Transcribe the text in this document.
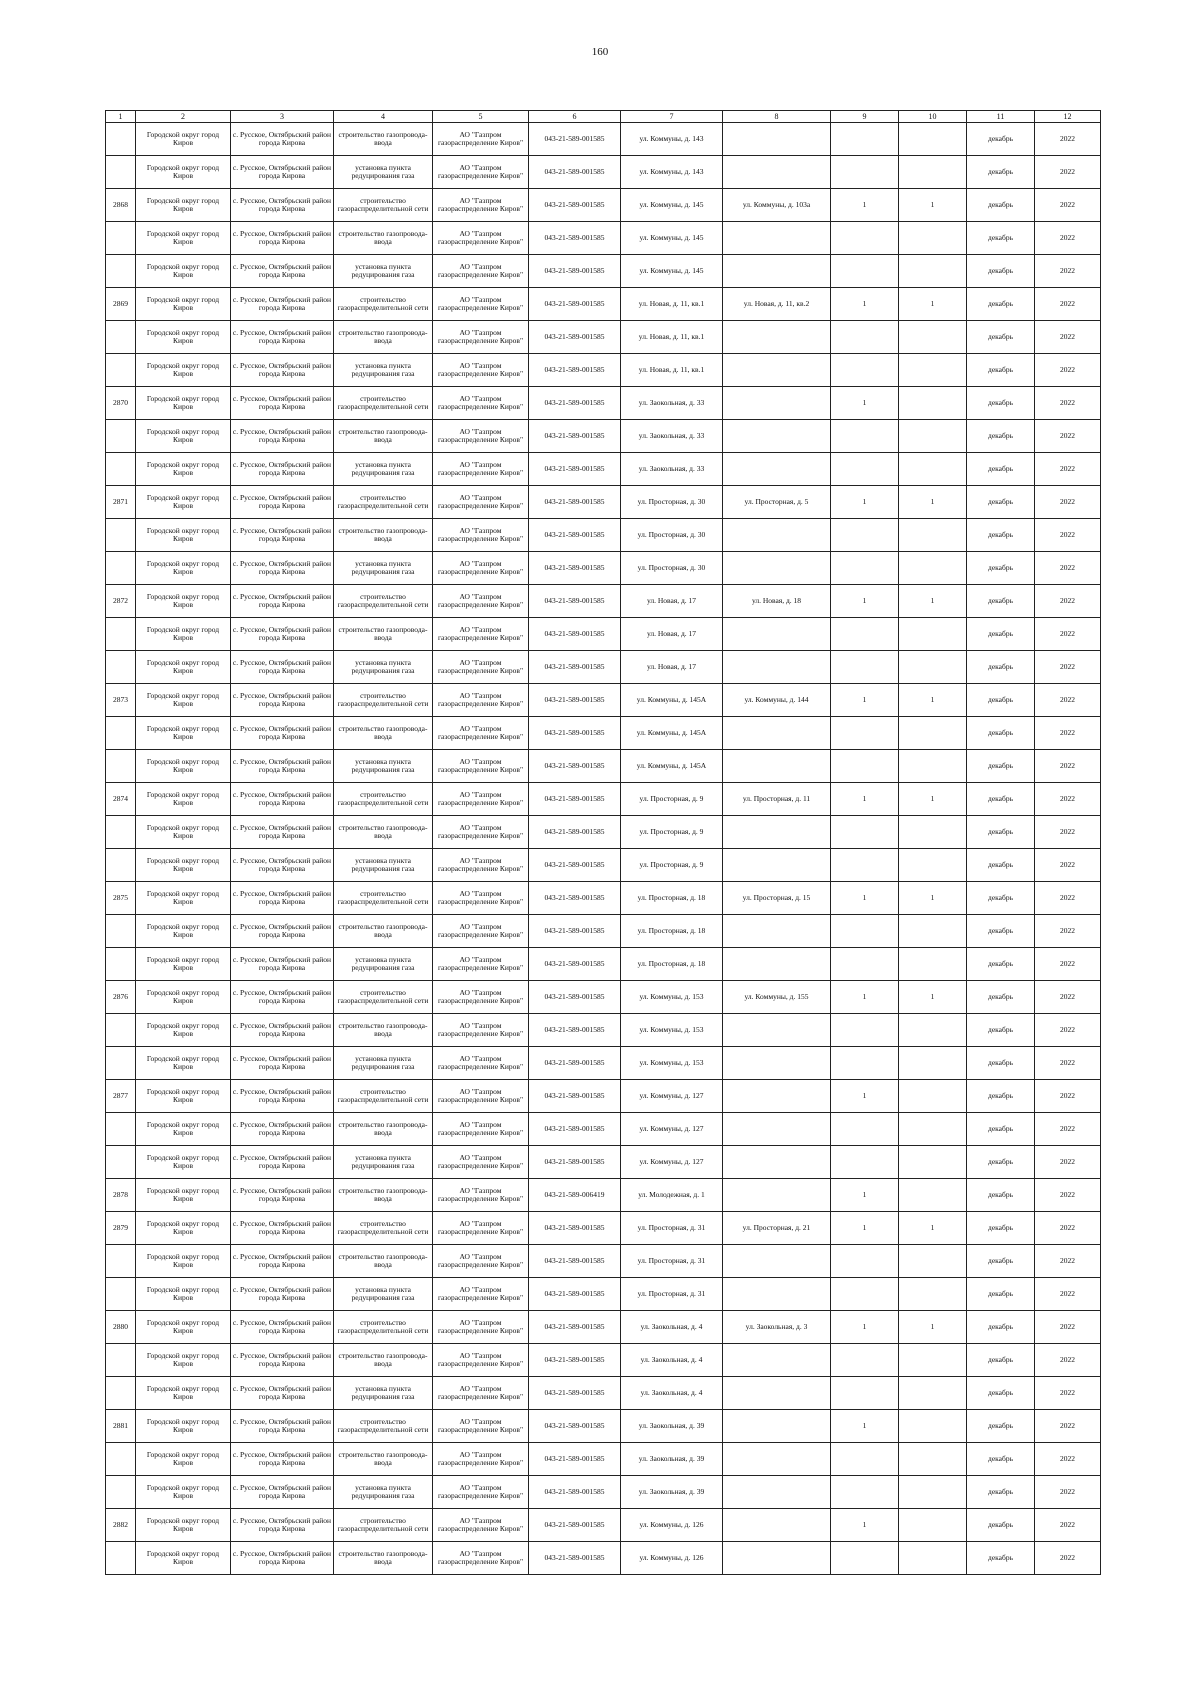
160
1	2	3	4	5	6	7	8	9	10	11	12
	Городской округ город Киров	с. Русское, Октябрьский район города Кирова	строительство газопровода-ввода	АО "Газпром газораспределение Киров"	043-21-589-001585	ул. Коммуны, д. 143				декабрь	2022
	Городской округ город Киров	с. Русское, Октябрьский район города Кирова	установка пункта редуцирования газа	АО "Газпром газораспределение Киров"	043-21-589-001585	ул. Коммуны, д. 143				декабрь	2022
2868	Городской округ город Киров	с. Русское, Октябрьский район города Кирова	строительство газораспределительной сети	АО "Газпром газораспределение Киров"	043-21-589-001585	ул. Коммуны, д. 145	ул. Коммуны, д. 103а	1	1	декабрь	2022
	Городской округ город Киров	с. Русское, Октябрьский район города Кирова	строительство газопровода-ввода	АО "Газпром газораспределение Киров"	043-21-589-001585	ул. Коммуны, д. 145				декабрь	2022
	Городской округ город Киров	с. Русское, Октябрьский район города Кирова	установка пункта редуцирования газа	АО "Газпром газораспределение Киров"	043-21-589-001585	ул. Коммуны, д. 145				декабрь	2022
2869	Городской округ город Киров	с. Русское, Октябрьский район города Кирова	строительство газораспределительной сети	АО "Газпром газораспределение Киров"	043-21-589-001585	ул. Новая, д. 11, кв.1	ул. Новая, д. 11, кв.2	1	1	декабрь	2022
	Городской округ город Киров	с. Русское, Октябрьский район города Кирова	строительство газопровода-ввода	АО "Газпром газораспределение Киров"	043-21-589-001585	ул. Новая, д. 11, кв.1				декабрь	2022
	Городской округ город Киров	с. Русское, Октябрьский район города Кирова	установка пункта редуцирования газа	АО "Газпром газораспределение Киров"	043-21-589-001585	ул. Новая, д. 11, кв.1				декабрь	2022
2870	Городской округ город Киров	с. Русское, Октябрьский район города Кирова	строительство газораспределительной сети	АО "Газпром газораспределение Киров"	043-21-589-001585	ул. Заокольная, д. 33		1		декабрь	2022
	Городской округ город Киров	с. Русское, Октябрьский район города Кирова	строительство газопровода-ввода	АО "Газпром газораспределение Киров"	043-21-589-001585	ул. Заокольная, д. 33				декабрь	2022
	Городской округ город Киров	с. Русское, Октябрьский район города Кирова	установка пункта редуцирования газа	АО "Газпром газораспределение Киров"	043-21-589-001585	ул. Заокольная, д. 33				декабрь	2022
2871	Городской округ город Киров	с. Русское, Октябрьский район города Кирова	строительство газораспределительной сети	АО "Газпром газораспределение Киров"	043-21-589-001585	ул. Просторная, д. 30	ул. Просторная, д. 5	1	1	декабрь	2022
	Городской округ город Киров	с. Русское, Октябрьский район города Кирова	строительство газопровода-ввода	АО "Газпром газораспределение Киров"	043-21-589-001585	ул. Просторная, д. 30				декабрь	2022
	Городской округ город Киров	с. Русское, Октябрьский район города Кирова	установка пункта редуцирования газа	АО "Газпром газораспределение Киров"	043-21-589-001585	ул. Просторная, д. 30				декабрь	2022
2872	Городской округ город Киров	с. Русское, Октябрьский район города Кирова	строительство газораспределительной сети	АО "Газпром газораспределение Киров"	043-21-589-001585	ул. Новая, д. 17	ул. Новая, д. 18	1	1	декабрь	2022
	Городской округ город Киров	с. Русское, Октябрьский район города Кирова	строительство газопровода-ввода	АО "Газпром газораспределение Киров"	043-21-589-001585	ул. Новая, д. 17				декабрь	2022
	Городской округ город Киров	с. Русское, Октябрьский район города Кирова	установка пункта редуцирования газа	АО "Газпром газораспределение Киров"	043-21-589-001585	ул. Новая, д. 17				декабрь	2022
2873	Городской округ город Киров	с. Русское, Октябрьский район города Кирова	строительство газораспределительной сети	АО "Газпром газораспределение Киров"	043-21-589-001585	ул. Коммуны, д. 145А	ул. Коммуны, д. 144	1	1	декабрь	2022
	Городской округ город Киров	с. Русское, Октябрьский район города Кирова	строительство газопровода-ввода	АО "Газпром газораспределение Киров"	043-21-589-001585	ул. Коммуны, д. 145А				декабрь	2022
	Городской округ город Киров	с. Русское, Октябрьский район города Кирова	установка пункта редуцирования газа	АО "Газпром газораспределение Киров"	043-21-589-001585	ул. Коммуны, д. 145А				декабрь	2022
2874	Городской округ город Киров	с. Русское, Октябрьский район города Кирова	строительство газораспределительной сети	АО "Газпром газораспределение Киров"	043-21-589-001585	ул. Просторная, д. 9	ул. Просторная, д. 11	1	1	декабрь	2022
	Городской округ город Киров	с. Русское, Октябрьский район города Кирова	строительство газопровода-ввода	АО "Газпром газораспределение Киров"	043-21-589-001585	ул. Просторная, д. 9				декабрь	2022
	Городской округ город Киров	с. Русское, Октябрьский район города Кирова	установка пункта редуцирования газа	АО "Газпром газораспределение Киров"	043-21-589-001585	ул. Просторная, д. 9				декабрь	2022
2875	Городской округ город Киров	с. Русское, Октябрьский район города Кирова	строительство газораспределительной сети	АО "Газпром газораспределение Киров"	043-21-589-001585	ул. Просторная, д. 18	ул. Просторная, д. 15	1	1	декабрь	2022
	Городской округ город Киров	с. Русское, Октябрьский район города Кирова	строительство газопровода-ввода	АО "Газпром газораспределение Киров"	043-21-589-001585	ул. Просторная, д. 18				декабрь	2022
	Городской округ город Киров	с. Русское, Октябрьский район города Кирова	установка пункта редуцирования газа	АО "Газпром газораспределение Киров"	043-21-589-001585	ул. Просторная, д. 18				декабрь	2022
2876	Городской округ город Киров	с. Русское, Октябрьский район города Кирова	строительство газораспределительной сети	АО "Газпром газораспределение Киров"	043-21-589-001585	ул. Коммуны, д. 153	ул. Коммуны, д. 155	1	1	декабрь	2022
	Городской округ город Киров	с. Русское, Октябрьский район города Кирова	строительство газопровода-ввода	АО "Газпром газораспределение Киров"	043-21-589-001585	ул. Коммуны, д. 153				декабрь	2022
	Городской округ город Киров	с. Русское, Октябрьский район города Кирова	установка пункта редуцирования газа	АО "Газпром газораспределение Киров"	043-21-589-001585	ул. Коммуны, д. 153				декабрь	2022
2877	Городской округ город Киров	с. Русское, Октябрьский район города Кирова	строительство газораспределительной сети	АО "Газпром газораспределение Киров"	043-21-589-001585	ул. Коммуны, д. 127		1		декабрь	2022
	Городской округ город Киров	с. Русское, Октябрьский район города Кирова	строительство газопровода-ввода	АО "Газпром газораспределение Киров"	043-21-589-001585	ул. Коммуны, д. 127				декабрь	2022
	Городской округ город Киров	с. Русское, Октябрьский район города Кирова	установка пункта редуцирования газа	АО "Газпром газораспределение Киров"	043-21-589-001585	ул. Коммуны, д. 127				декабрь	2022
2878	Городской округ город Киров	с. Русское, Октябрьский район города Кирова	строительство газопровода-ввода	АО "Газпром газораспределение Киров"	043-21-589-006419	ул. Молодежная, д. 1		1		декабрь	2022
2879	Городской округ город Киров	с. Русское, Октябрьский район города Кирова	строительство газораспределительной сети	АО "Газпром газораспределение Киров"	043-21-589-001585	ул. Просторная, д. 31	ул. Просторная, д. 21	1	1	декабрь	2022
	Городской округ город Киров	с. Русское, Октябрьский район города Кирова	строительство газопровода-ввода	АО "Газпром газораспределение Киров"	043-21-589-001585	ул. Просторная, д. 31				декабрь	2022
	Городской округ город Киров	с. Русское, Октябрьский район города Кирова	установка пункта редуцирования газа	АО "Газпром газораспределение Киров"	043-21-589-001585	ул. Просторная, д. 31				декабрь	2022
2880	Городской округ город Киров	с. Русское, Октябрьский район города Кирова	строительство газораспределительной сети	АО "Газпром газораспределение Киров"	043-21-589-001585	ул. Заокольная, д. 4	ул. Заокольная, д. 3	1	1	декабрь	2022
	Городской округ город Киров	с. Русское, Октябрьский район города Кирова	строительство газопровода-ввода	АО "Газпром газораспределение Киров"	043-21-589-001585	ул. Заокольная, д. 4				декабрь	2022
	Городской округ город Киров	с. Русское, Октябрьский район города Кирова	установка пункта редуцирования газа	АО "Газпром газораспределение Киров"	043-21-589-001585	ул. Заокольная, д. 4				декабрь	2022
2881	Городской округ город Киров	с. Русское, Октябрьский район города Кирова	строительство газораспределительной сети	АО "Газпром газораспределение Киров"	043-21-589-001585	ул. Заокольная, д. 39		1		декабрь	2022
	Городской округ город Киров	с. Русское, Октябрьский район города Кирова	строительство газопровода-ввода	АО "Газпром газораспределение Киров"	043-21-589-001585	ул. Заокольная, д. 39				декабрь	2022
	Городской округ город Киров	с. Русское, Октябрьский район города Кирова	установка пункта редуцирования газа	АО "Газпром газораспределение Киров"	043-21-589-001585	ул. Заокольная, д. 39				декабрь	2022
2882	Городской округ город Киров	с. Русское, Октябрьский район города Кирова	строительство газораспределительной сети	АО "Газпром газораспределение Киров"	043-21-589-001585	ул. Коммуны, д. 126		1		декабрь	2022
	Городской округ город Киров	с. Русское, Октябрьский район города Кирова	строительство газопровода-ввода	АО "Газпром газораспределение Киров"	043-21-589-001585	ул. Коммуны, д. 126				декабрь	2022
